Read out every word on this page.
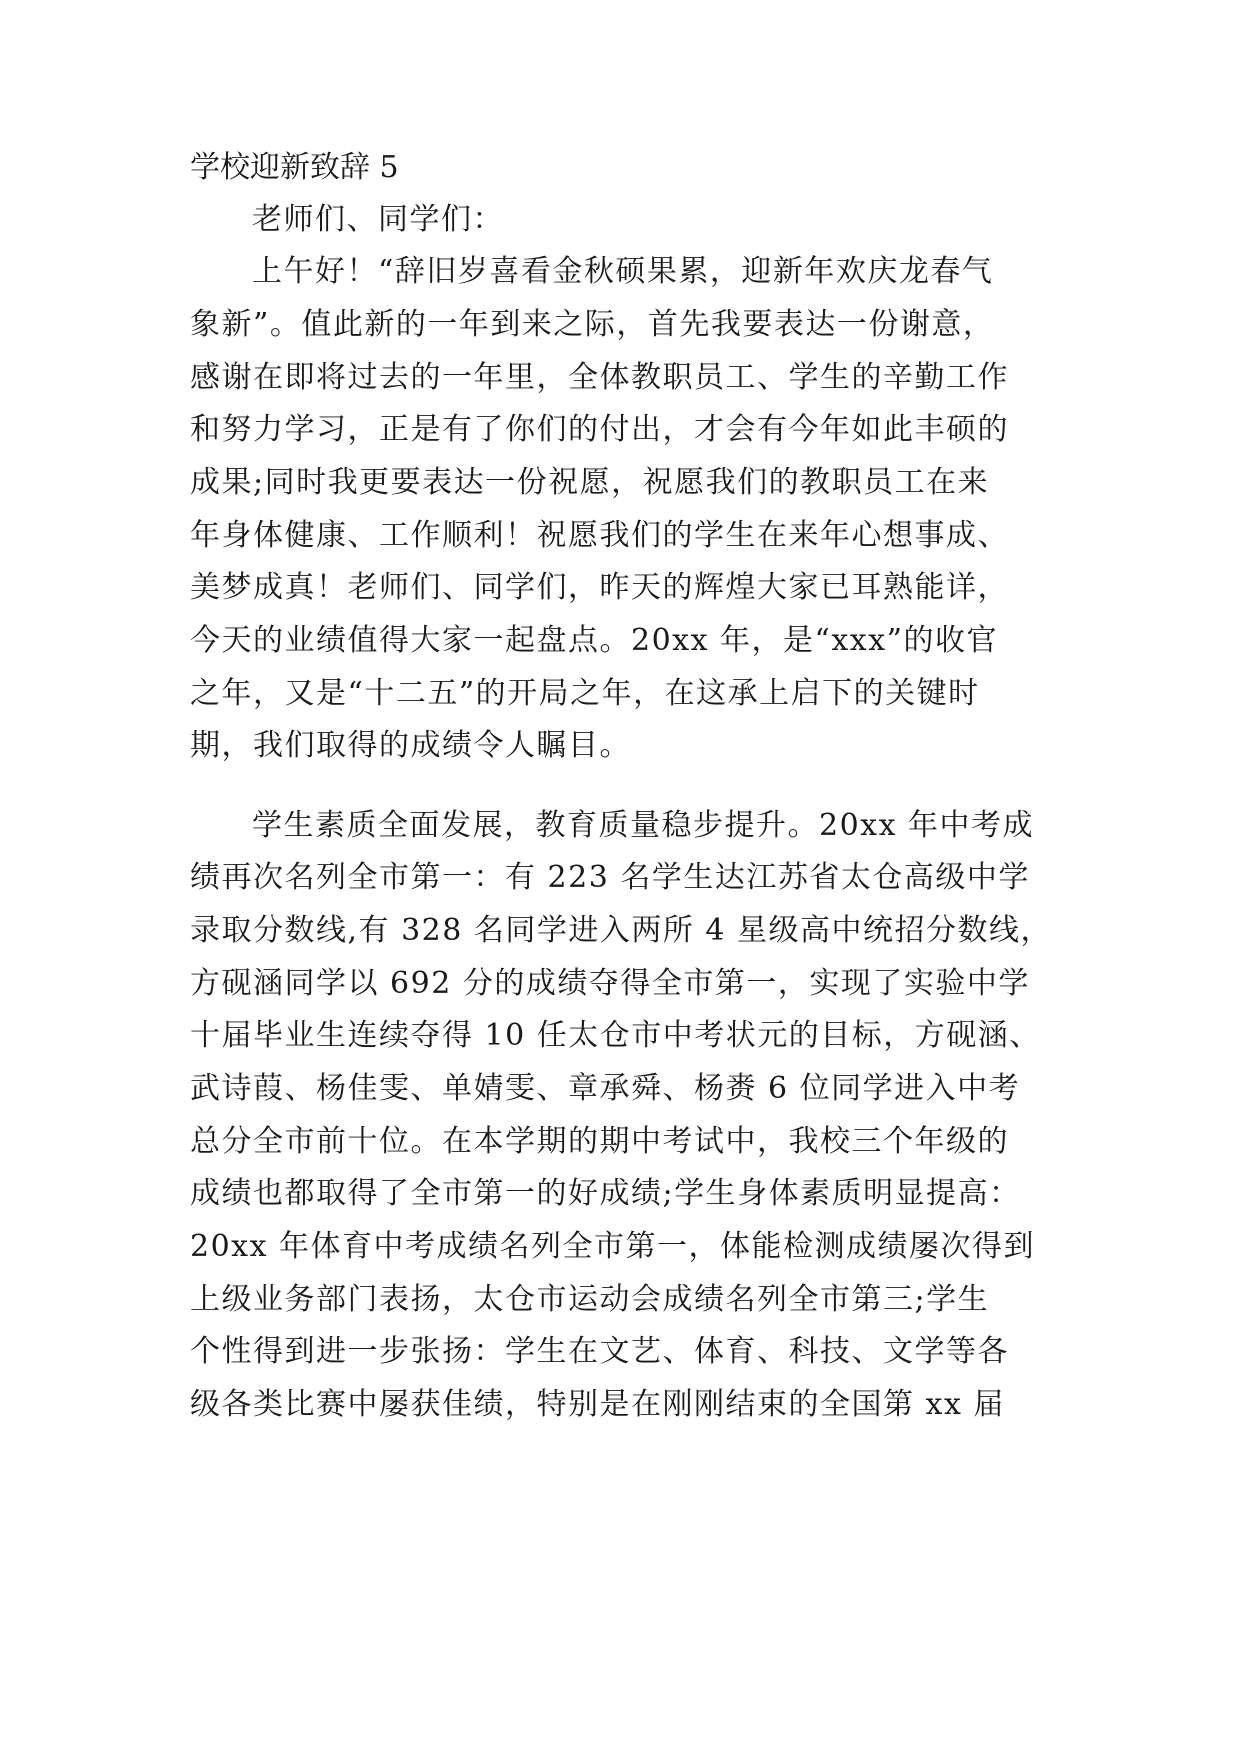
学校迎新致辞 5
老师们、同学们：
上午好！“辞旧岁喜看金秋硕果累，迎新年欢庆龙春气
象新”。值此新的一年到来之际，首先我要表达一份谢意，
感谢在即将过去的一年里，全体教职员工、学生的辛勤工作
和努力学习，正是有了你们的付出，才会有今年如此丰硕的
成果;同时我更要表达一份祝愿，祝愿我们的教职员工在来
年身体健康、工作顺利！祝愿我们的学生在来年心想事成、
美梦成真！老师们、同学们，昨天的辉煌大家已耳熟能详，
今天的业绩值得大家一起盘点。20xx 年，是“xxx”的收官
之年，又是“十二五”的开局之年，在这承上启下的关键时
期，我们取得的成绩令人瞩目。
学生素质全面发展，教育质量稳步提升。20xx 年中考成
绩再次名列全市第一：有 223 名学生达江苏省太仓高级中学
录取分数线,有 328 名同学进入两所 4 星级高中统招分数线，
方砚涵同学以 692 分的成绩夺得全市第一，实现了实验中学
十届毕业生连续夺得 10 任太仓市中考状元的目标，方砚涵、
武诗葭、杨佳雯、单婧雯、章承舜、杨赉 6 位同学进入中考
总分全市前十位。在本学期的期中考试中，我校三个年级的
成绩也都取得了全市第一的好成绩;学生身体素质明显提高：
20xx 年体育中考成绩名列全市第一，体能检测成绩屡次得到
上级业务部门表扬，太仓市运动会成绩名列全市第三;学生
个性得到进一步张扬：学生在文艺、体育、科技、文学等各
级各类比赛中屡获佳绩，特别是在刚刚结束的全国第 xx 届
